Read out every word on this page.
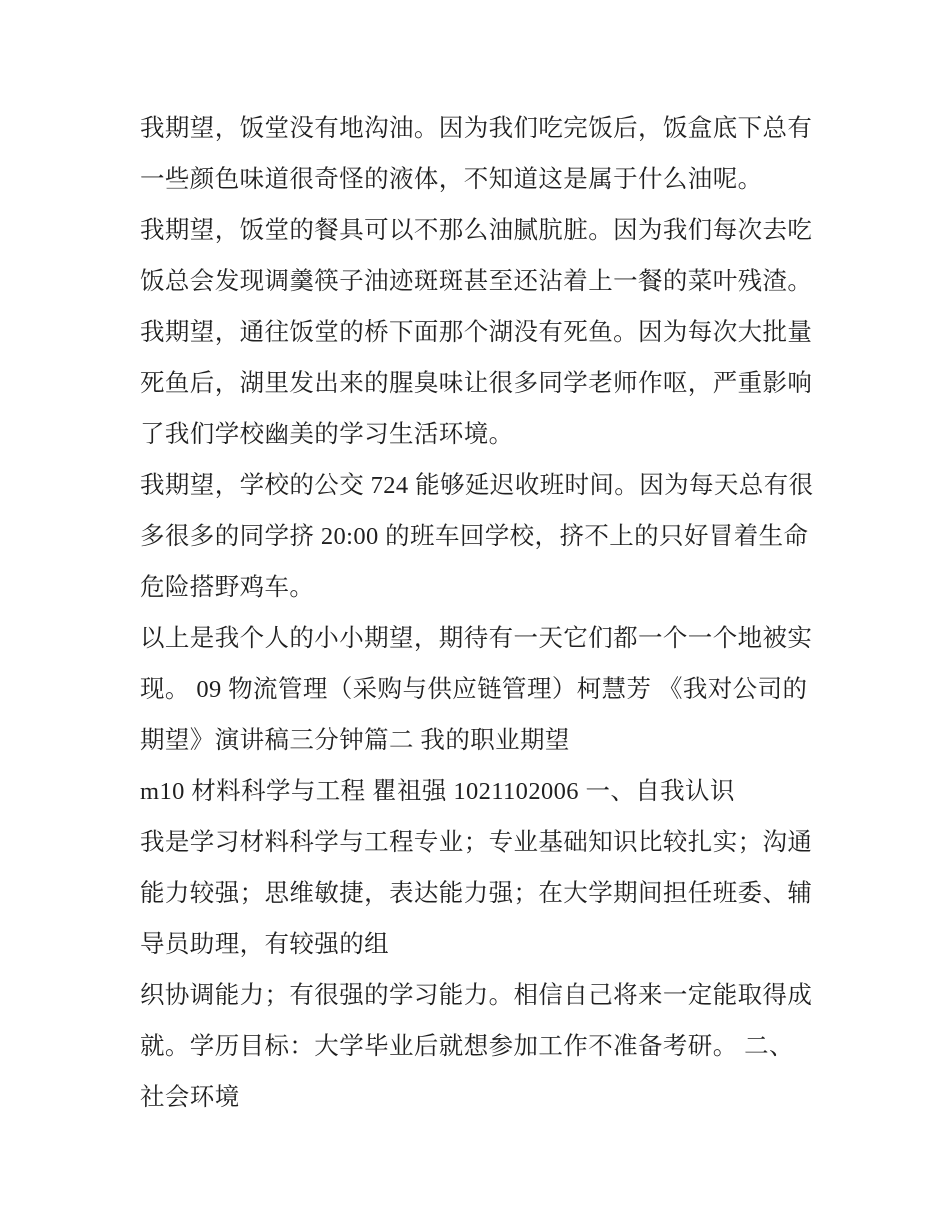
我期望，饭堂没有地沟油。因为我们吃完饭后，饭盒底下总有
一些颜色味道很奇怪的液体，不知道这是属于什么油呢。
我期望，饭堂的餐具可以不那么油腻肮脏。因为我们每次去吃
饭总会发现调羹筷子油迹斑斑甚至还沾着上一餐的菜叶残渣。
我期望，通往饭堂的桥下面那个湖没有死鱼。因为每次大批量
死鱼后，湖里发出来的腥臭味让很多同学老师作呕，严重影响
了我们学校幽美的学习生活环境。
我期望，学校的公交 724 能够延迟收班时间。因为每天总有很
多很多的同学挤 20:00 的班车回学校，挤不上的只好冒着生命
危险搭野鸡车。
以上是我个人的小小期望，期待有一天它们都一个一个地被实
现。 09 物流管理（采购与供应链管理）柯慧芳 《我对公司的
期望》演讲稿三分钟篇二 我的职业期望
m10 材料科学与工程 瞿祖强 1021102006 一、自我认识
我是学习材料科学与工程专业；专业基础知识比较扎实；沟通
能力较强；思维敏捷，表达能力强；在大学期间担任班委、辅
导员助理，有较强的组
织协调能力；有很强的学习能力。相信自己将来一定能取得成
就。学历目标：大学毕业后就想参加工作不准备考研。 二、
社会环境
